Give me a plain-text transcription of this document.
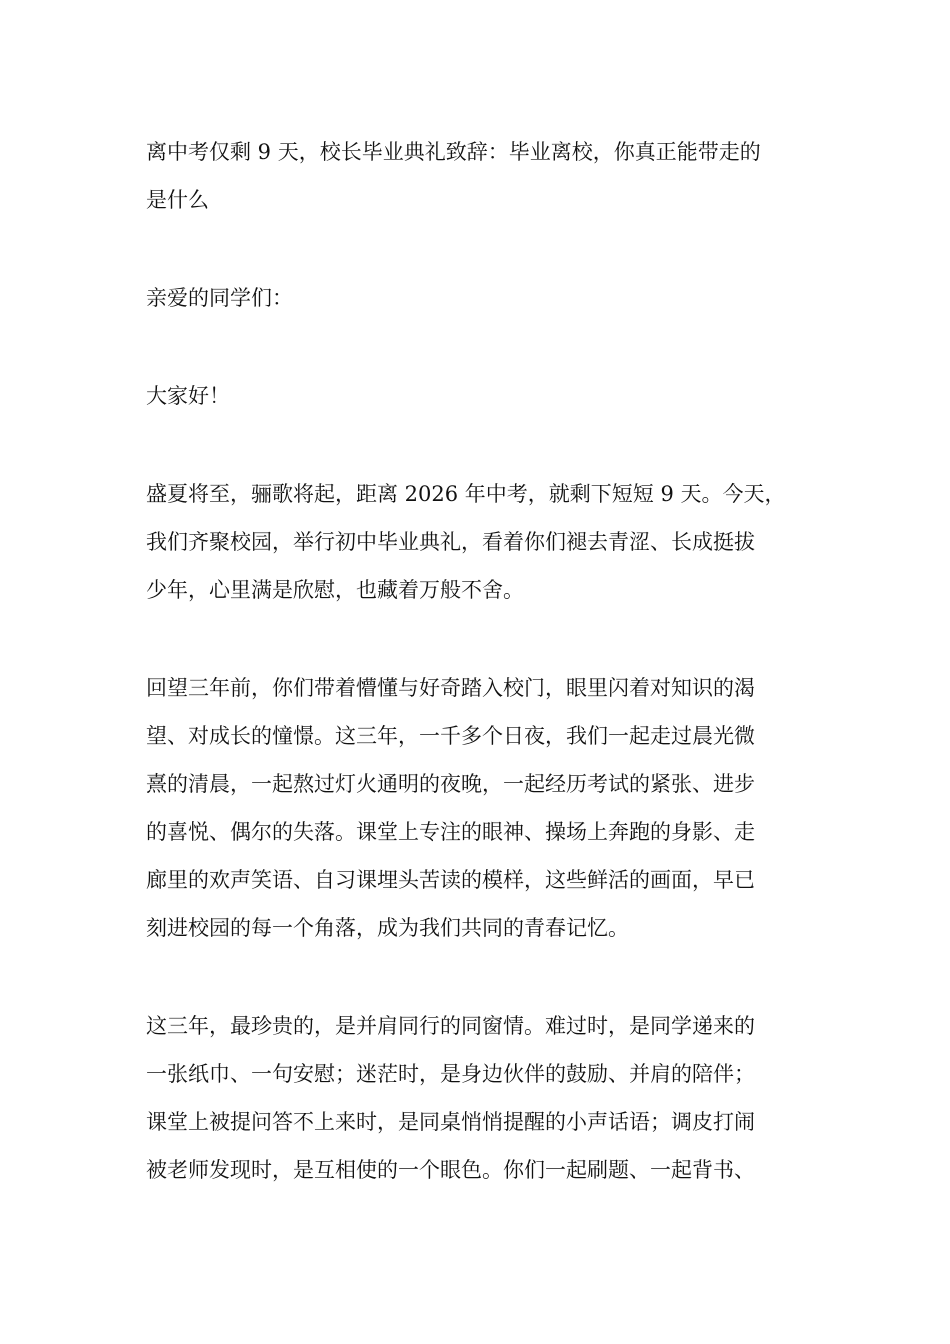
离中考仅剩 9 天，校长毕业典礼致辞：毕业离校，你真正能带走的
是什么
亲爱的同学们：
大家好！
盛夏将至，骊歌将起，距离 2026 年中考，就剩下短短 9 天。今天，
我们齐聚校园，举行初中毕业典礼，看着你们褪去青涩、长成挺拔
少年，心里满是欣慰，也藏着万般不舍。
回望三年前，你们带着懵懂与好奇踏入校门，眼里闪着对知识的渴
望、对成长的憧憬。这三年，一千多个日夜，我们一起走过晨光微
熹的清晨，一起熬过灯火通明的夜晚，一起经历考试的紧张、进步
的喜悦、偶尔的失落。课堂上专注的眼神、操场上奔跑的身影、走
廊里的欢声笑语、自习课埋头苦读的模样，这些鲜活的画面，早已
刻进校园的每一个角落，成为我们共同的青春记忆。
这三年，最珍贵的，是并肩同行的同窗情。难过时，是同学递来的
一张纸巾、一句安慰；迷茫时，是身边伙伴的鼓励、并肩的陪伴；
课堂上被提问答不上来时，是同桌悄悄提醒的小声话语；调皮打闹
被老师发现时，是互相使的一个眼色。你们一起刷题、一起背书、
